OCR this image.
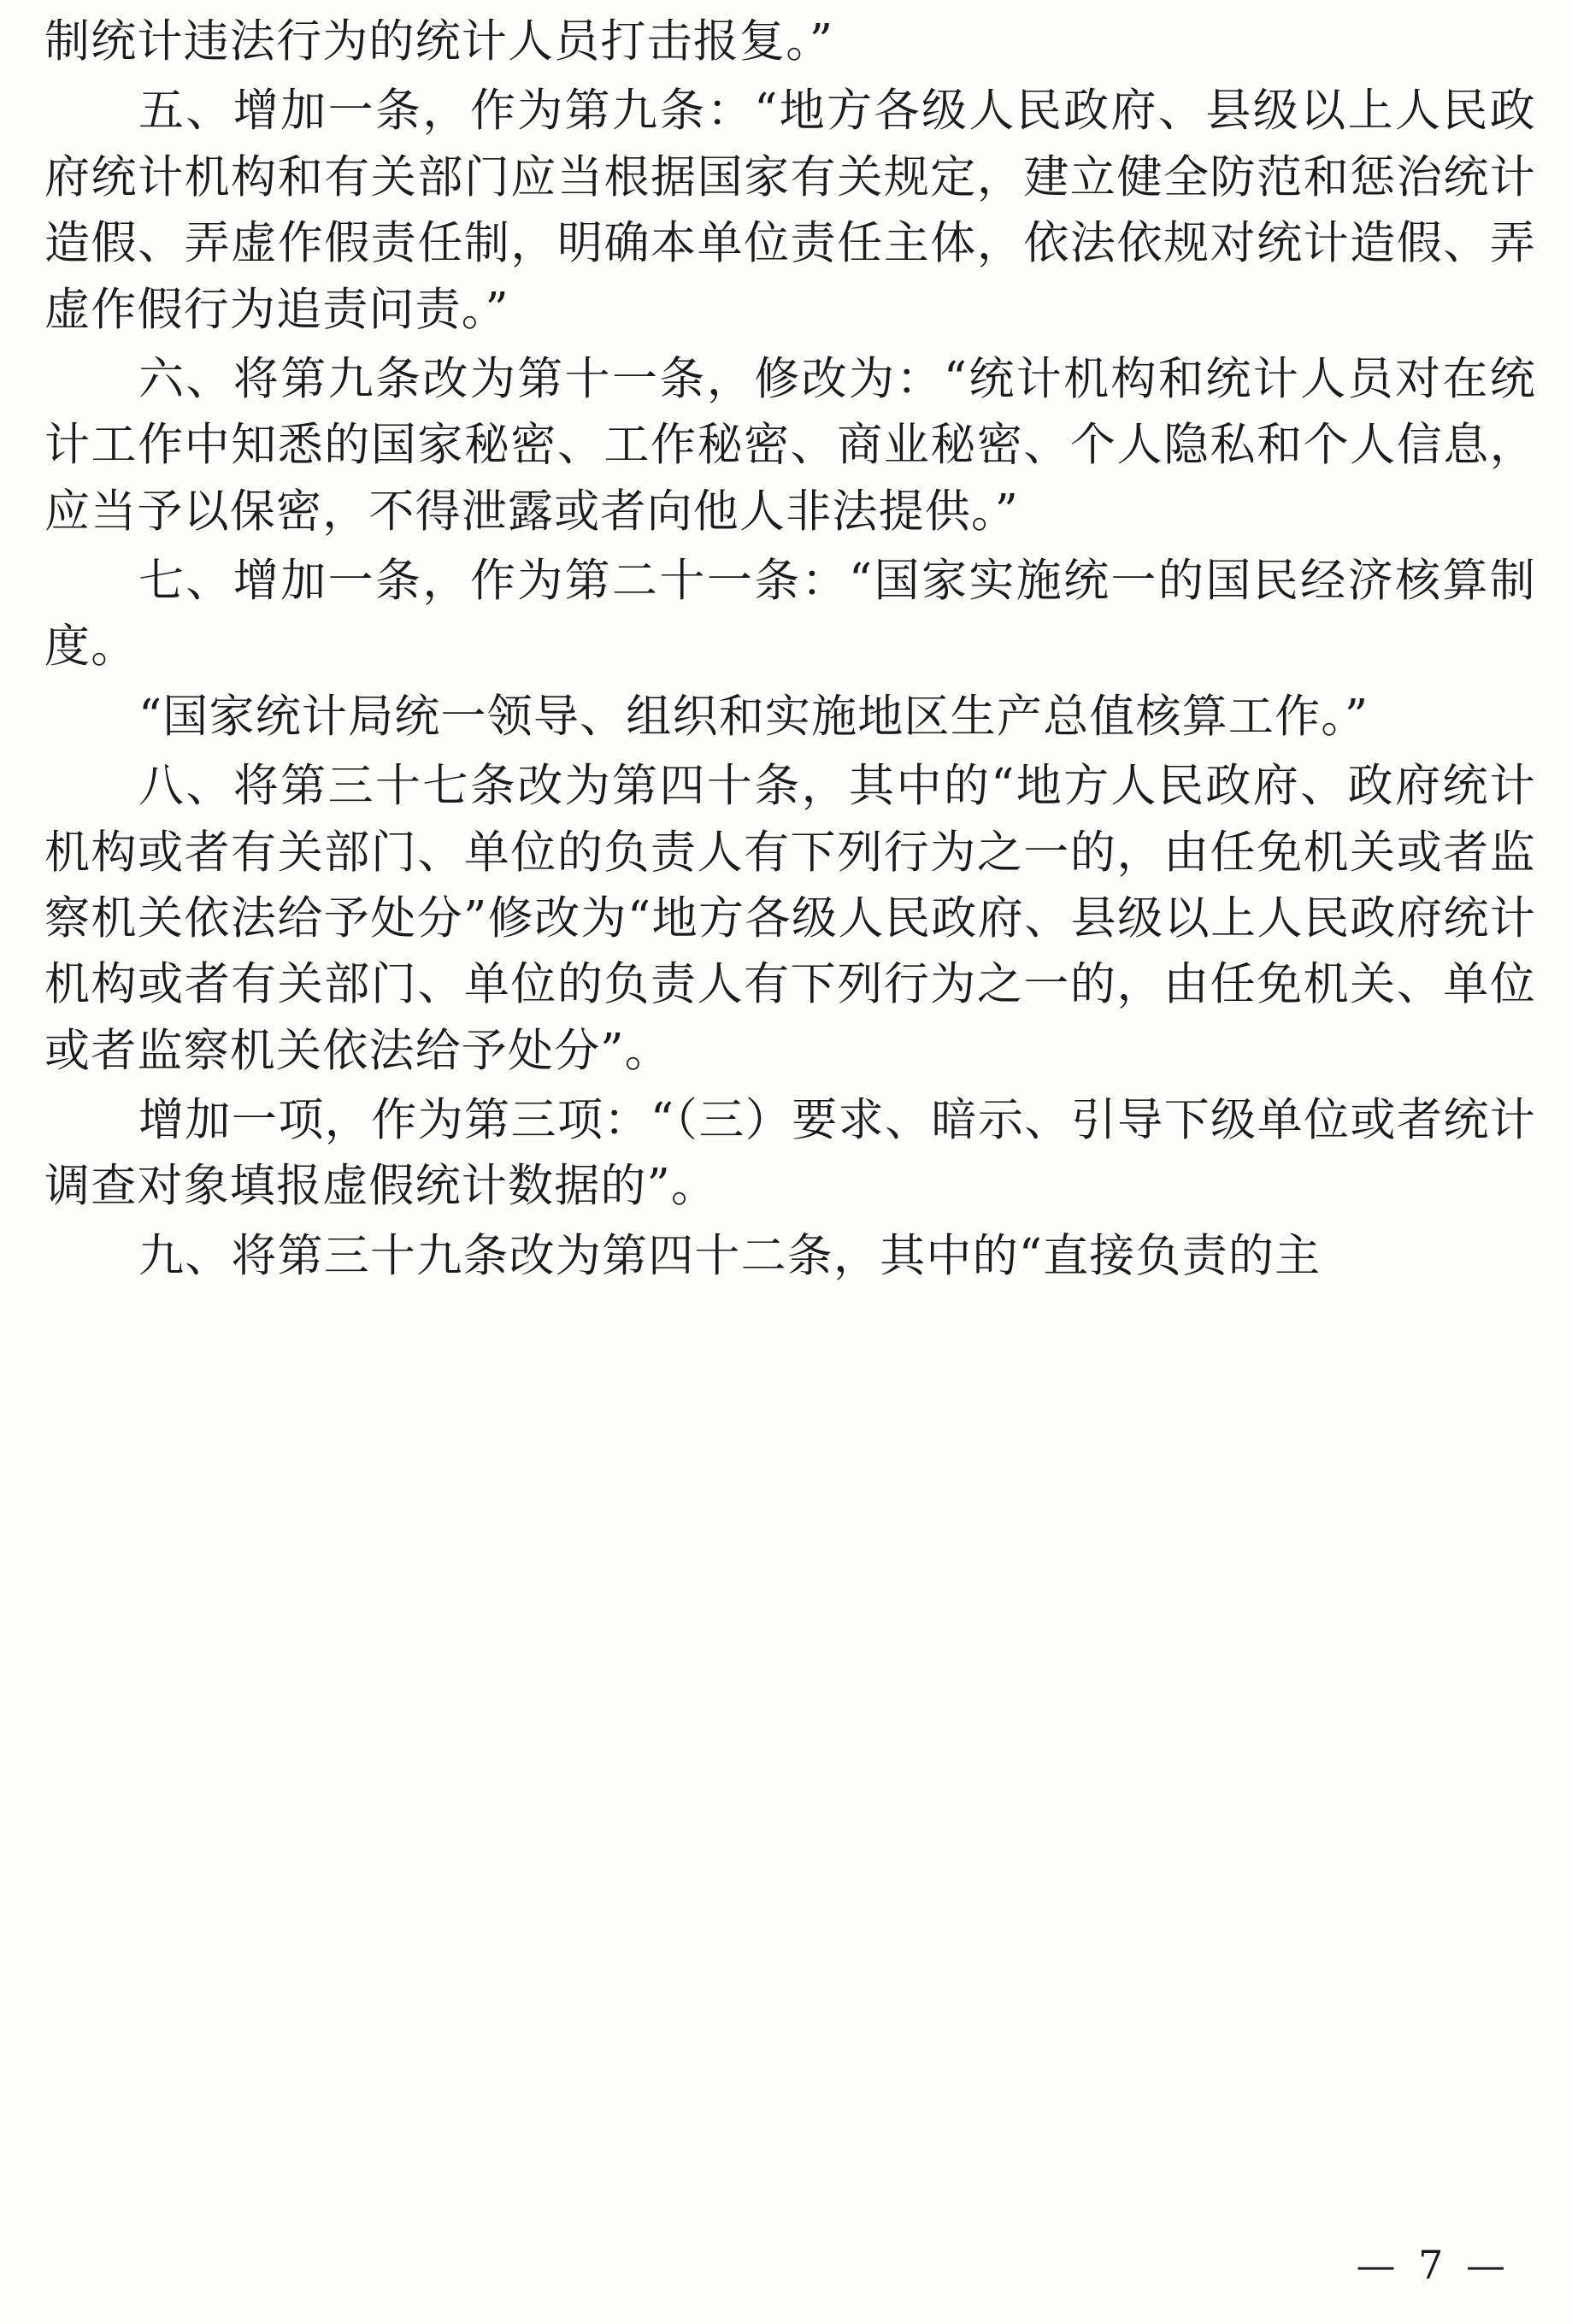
制统计违法行为的统计人员打击报复。”

五、增加一条，作为第九条：“地方各级人民政府、县级以上人民政府统计机构和有关部门应当根据国家有关规定，建立健全防范和惩治统计造假、弄虚作假责任制，明确本单位责任主体，依法依规对统计造假、弄虚作假行为追责问责。”

六、将第九条改为第十一条，修改为：“统计机构和统计人员对在统计工作中知悉的国家秘密、工作秘密、商业秘密、个人隐私和个人信息，应当予以保密，不得泄露或者向他人非法提供。”

七、增加一条，作为第二十一条：“国家实施统一的国民经济核算制度。

“国家统计局统一领导、组织和实施地区生产总值核算工作。”

八、将第三十七条改为第四十条，其中的“地方人民政府、政府统计机构或者有关部门、单位的负责人有下列行为之一的，由任免机关或者监察机关依法给予处分”修改为“地方各级人民政府、县级以上人民政府统计机构或者有关部门、单位的负责人有下列行为之一的，由任免机关、单位或者监察机关依法给予处分”。

增加一项，作为第三项：“（三）要求、暗示、引导下级单位或者统计调查对象填报虚假统计数据的”。

九、将第三十九条改为第四十二条，其中的“直接负责的主

— 7 —
